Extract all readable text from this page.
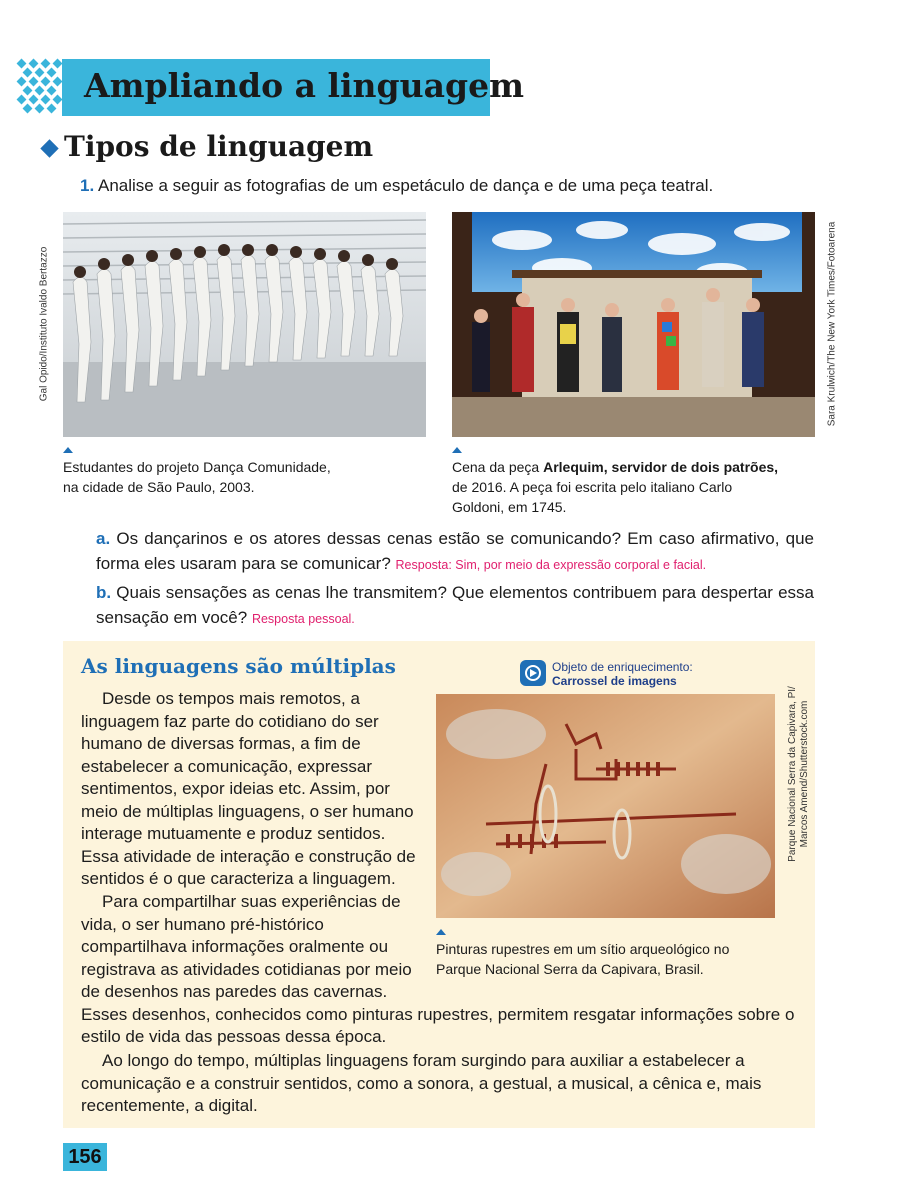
Ampliando a linguagem
Tipos de linguagem
1. Analise a seguir as fotografias de um espetáculo de dança e de uma peça teatral.
Gal Opido/Instituto Ivaldo Bertazzo
Estudantes do projeto Dança Comunidade,
na cidade de São Paulo, 2003.
Sara Krulwich/The New York Times/Fotoarena
Cena da peça Arlequim, servidor de dois patrões,
de 2016. A peça foi escrita pelo italiano Carlo
Goldoni, em 1745.
a. Os dançarinos e os atores dessas cenas estão se comunicando? Em caso afirmativo, que forma eles usaram para se comunicar? Resposta: Sim, por meio da expressão corporal e facial.
b. Quais sensações as cenas lhe transmitem? Que elementos contribuem para despertar essa sensação em você? Resposta pessoal.
As linguagens são múltiplas	Objeto de enriquecimento:
Carrossel de imagens
Parque Nacional Serra da Capivara, PI/ Marcos Amend/Shutterstock.com
Pinturas rupestres em um sítio arqueológico no
Parque Nacional Serra da Capivara, Brasil.
Desde os tempos mais remotos, a
linguagem faz parte do cotidiano do ser
humano de diversas formas, a fim de
estabelecer a comunicação, expressar
sentimentos, expor ideias etc. Assim, por
meio de múltiplas linguagens, o ser humano
interage mutuamente e produz sentidos.
Essa atividade de interação e construção de
sentidos é o que caracteriza a linguagem.
Para compartilhar suas experiências de
vida, o ser humano pré-histórico
compartilhava informações oralmente ou
registrava as atividades cotidianas por meio
de desenhos nas paredes das cavernas.
Esses desenhos, conhecidos como pinturas rupestres, permitem resgatar informações sobre o
estilo de vida das pessoas dessa época.
Ao longo do tempo, múltiplas linguagens foram surgindo para auxiliar a estabelecer a
comunicação e a construir sentidos, como a sonora, a gestual, a musical, a cênica e, mais
recentemente, a digital.
156
